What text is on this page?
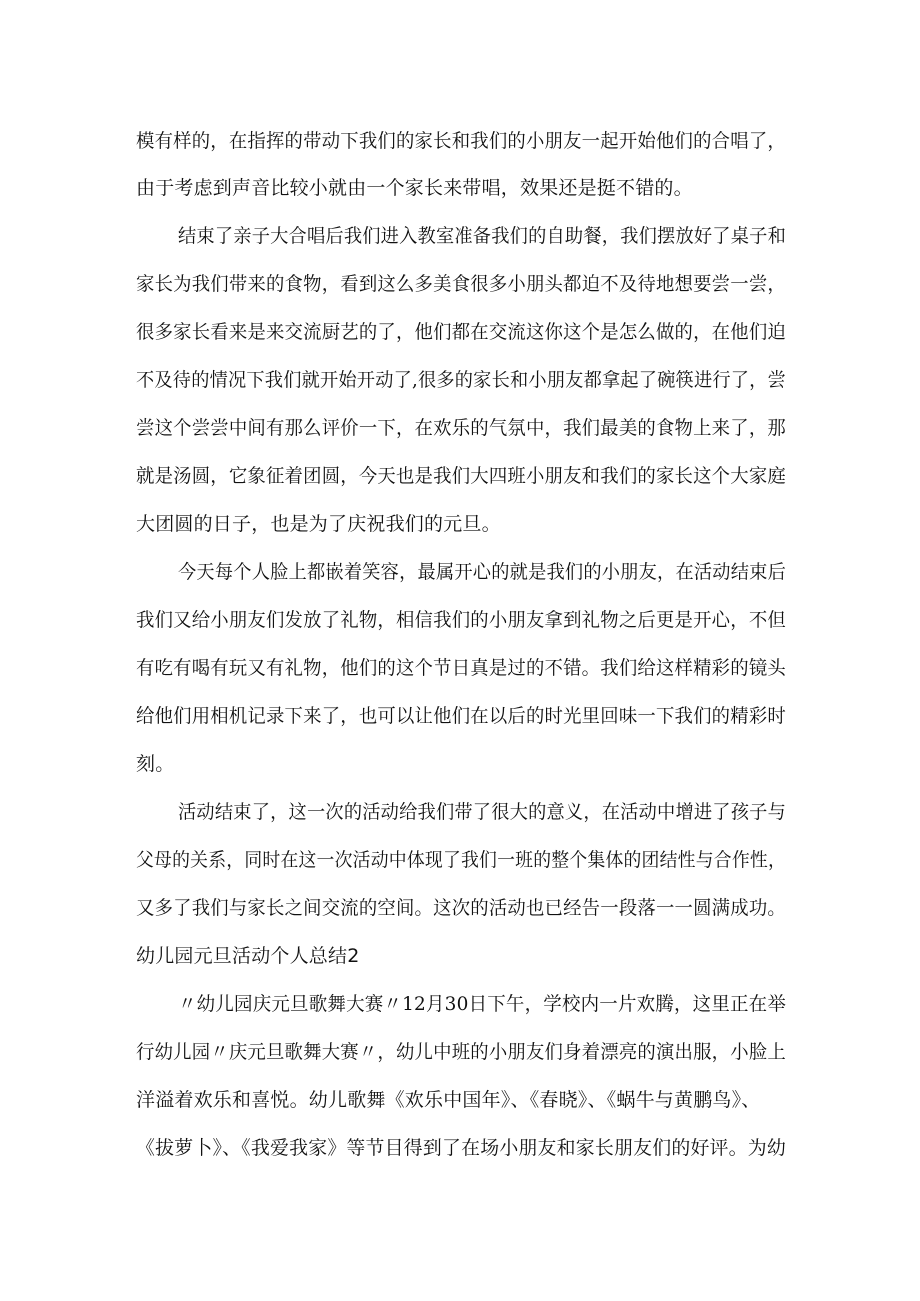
模有样的，在指挥的带动下我们的家长和我们的小朋友一起开始他们的合唱了，
由于考虑到声音比较小就由一个家长来带唱，效果还是挺不错的。
结束了亲子大合唱后我们进入教室准备我们的自助餐，我们摆放好了桌子和
家长为我们带来的食物，看到这么多美食很多小朋头都迫不及待地想要尝一尝，
很多家长看来是来交流厨艺的了，他们都在交流这你这个是怎么做的，在他们迫
不及待的情况下我们就开始开动了,很多的家长和小朋友都拿起了碗筷进行了，尝
尝这个尝尝中间有那么评价一下，在欢乐的气氛中，我们最美的食物上来了，那
就是汤圆，它象征着团圆，今天也是我们大四班小朋友和我们的家长这个大家庭
大团圆的日子，也是为了庆祝我们的元旦。
今天每个人脸上都嵌着笑容，最属开心的就是我们的小朋友，在活动结束后
我们又给小朋友们发放了礼物，相信我们的小朋友拿到礼物之后更是开心，不但
有吃有喝有玩又有礼物，他们的这个节日真是过的不错。我们给这样精彩的镜头
给他们用相机记录下来了，也可以让他们在以后的时光里回味一下我们的精彩时
刻。
活动结束了，这一次的活动给我们带了很大的意义，在活动中增进了孩子与
父母的关系，同时在这一次活动中体现了我们一班的整个集体的团结性与合作性，
又多了我们与家长之间交流的空间。这次的活动也已经告一段落一一圆满成功。
幼儿园元旦活动个人总结2
〃幼儿园庆元旦歌舞大赛〃12月30日下午，学校内一片欢腾，这里正在举
行幼儿园〃庆元旦歌舞大赛〃，幼儿中班的小朋友们身着漂亮的演出服，小脸上
洋溢着欢乐和喜悦。幼儿歌舞《欢乐中国年》、《春晓》、《蜗牛与黄鹏鸟》、
《拔萝卜》、《我爱我家》等节目得到了在场小朋友和家长朋友们的好评。为幼
